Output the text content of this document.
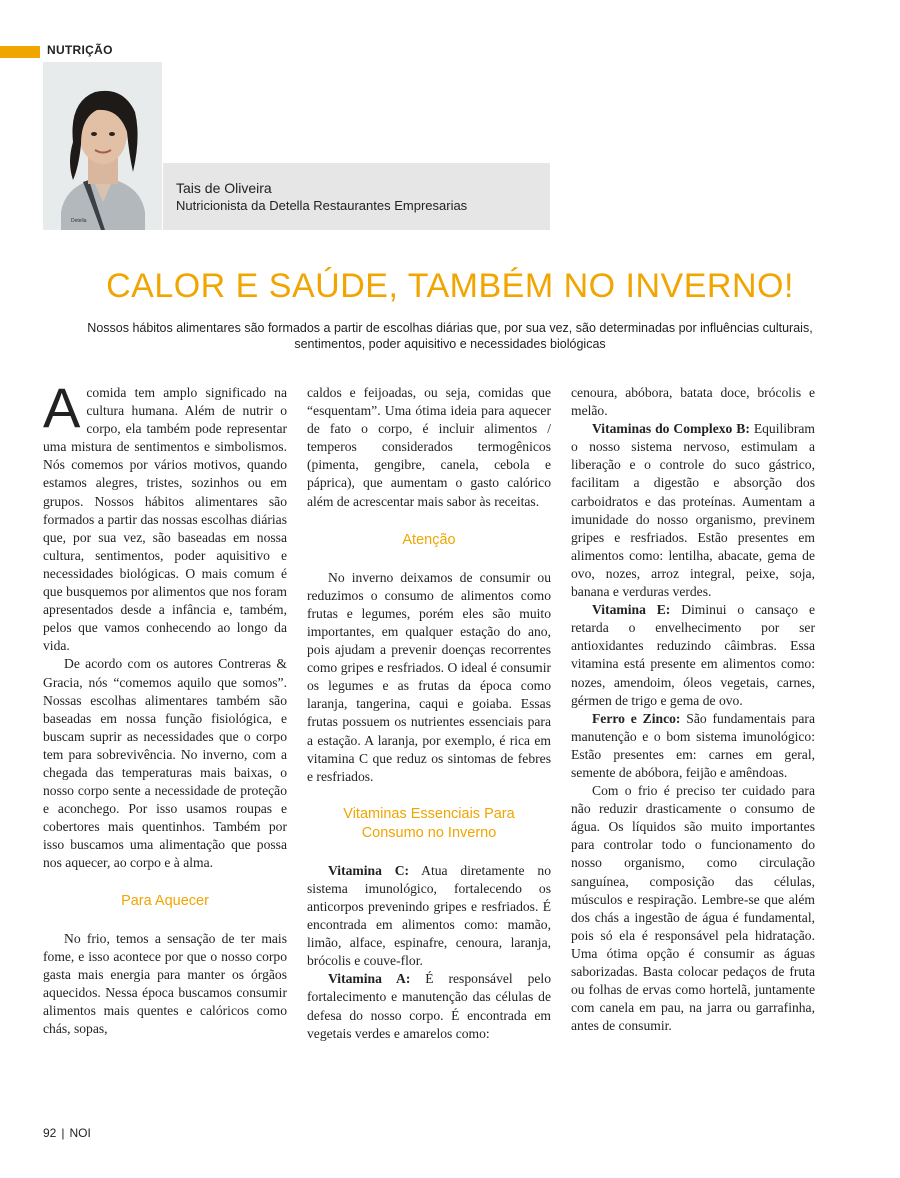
NUTRIÇÃO
Detella
Tais de Oliveira
Nutricionista da Detella Restaurantes Empresarias
CALOR E SAÚDE, TAMBÉM NO INVERNO!

Nossos hábitos alimentares são formados a partir de escolhas diárias que, por sua vez, são determinadas por influências culturais, sentimentos, poder aquisitivo e necessidades biológicas

Acomida tem amplo significado na cultura humana. Além de nutrir o corpo, ela também pode representar uma mistura de sentimentos e simbolismos. Nós comemos por vários motivos, quando estamos alegres, tristes, sozinhos ou em grupos. Nossos hábitos alimentares são formados a partir das nossas escolhas diárias que, por sua vez, são baseadas em nossa cultura, sentimentos, poder aquisitivo e necessidades biológicas. O mais comum é que busquemos por alimentos que nos foram apresentados desde a infância e, também, pelos que vamos conhecendo ao longo da vida.

De acordo com os autores Contreras & Gracia, nós “comemos aquilo que somos”. Nossas escolhas alimentares também são baseadas em nossa função fisiológica, e buscam suprir as necessidades que o corpo tem para sobrevivência. No inverno, com a chegada das temperaturas mais baixas, o nosso corpo sente a necessidade de proteção e aconchego. Por isso usamos roupas e cobertores mais quentinhos. Também por isso buscamos uma alimentação que possa nos aquecer, ao corpo e à alma.

Para Aquecer

No frio, temos a sensação de ter mais fome, e isso acontece por que o nosso corpo gasta mais energia para manter os órgãos aquecidos. Nessa época buscamos consumir alimentos mais quentes e calóricos como chás, sopas,

caldos e feijoadas, ou seja, comidas que “esquentam”. Uma ótima ideia para aquecer de fato o corpo, é incluir alimentos / temperos considerados termogênicos (pimenta, gengibre, canela, cebola e páprica), que aumentam o gasto calórico além de acrescentar mais sabor às receitas.

Atenção

No inverno deixamos de consumir ou reduzimos o consumo de alimentos como frutas e legumes, porém eles são muito importantes, em qualquer estação do ano, pois ajudam a prevenir doenças recorrentes como gripes e resfriados. O ideal é consumir os legumes e as frutas da época como laranja, tangerina, caqui e goiaba. Essas frutas possuem os nutrientes essenciais para a estação. A laranja, por exemplo, é rica em vitamina C que reduz os sintomas de febres e resfriados.

Vitaminas Essenciais Para
Consumo no Inverno

Vitamina C: Atua diretamente no sistema imunológico, fortalecendo os anticorpos prevenindo gripes e resfriados. É encontrada em alimentos como: mamão, limão, alface, espinafre, cenoura, laranja, brócolis e couve-flor.

Vitamina A: É responsável pelo fortalecimento e manutenção das células de defesa do nosso corpo. É encontrada em vegetais verdes e amarelos como:

cenoura, abóbora, batata doce, brócolis e melão.

Vitaminas do Complexo B: Equilibram o nosso sistema nervoso, estimulam a liberação e o controle do suco gástrico, facilitam a digestão e absorção dos carboidratos e das proteínas. Aumentam a imunidade do nosso organismo, previnem gripes e resfriados. Estão presentes em alimentos como: lentilha, abacate, gema de ovo, nozes, arroz integral, peixe, soja, banana e verduras verdes.

Vitamina E: Diminui o cansaço e retarda o envelhecimento por ser antioxidantes reduzindo câimbras. Essa vitamina está presente em alimentos como: nozes, amendoim, óleos vegetais, carnes, gérmen de trigo e gema de ovo.

Ferro e Zinco: São fundamentais para manutenção e o bom sistema imunológico: Estão presentes em: carnes em geral, semente de abóbora, feijão e amêndoas.

Com o frio é preciso ter cuidado para não reduzir drasticamente o consumo de água. Os líquidos são muito importantes para controlar todo o funcionamento do nosso organismo, como circulação sanguínea, composição das células, músculos e respiração. Lembre-se que além dos chás a ingestão de água é fundamental, pois só ela é responsável pela hidratação. Uma ótima opção é consumir as águas saborizadas. Basta colocar pedaços de fruta ou folhas de ervas como hortelã, juntamente com canela em pau, na jarra ou garrafinha, antes de consumir.

92 | NOI
